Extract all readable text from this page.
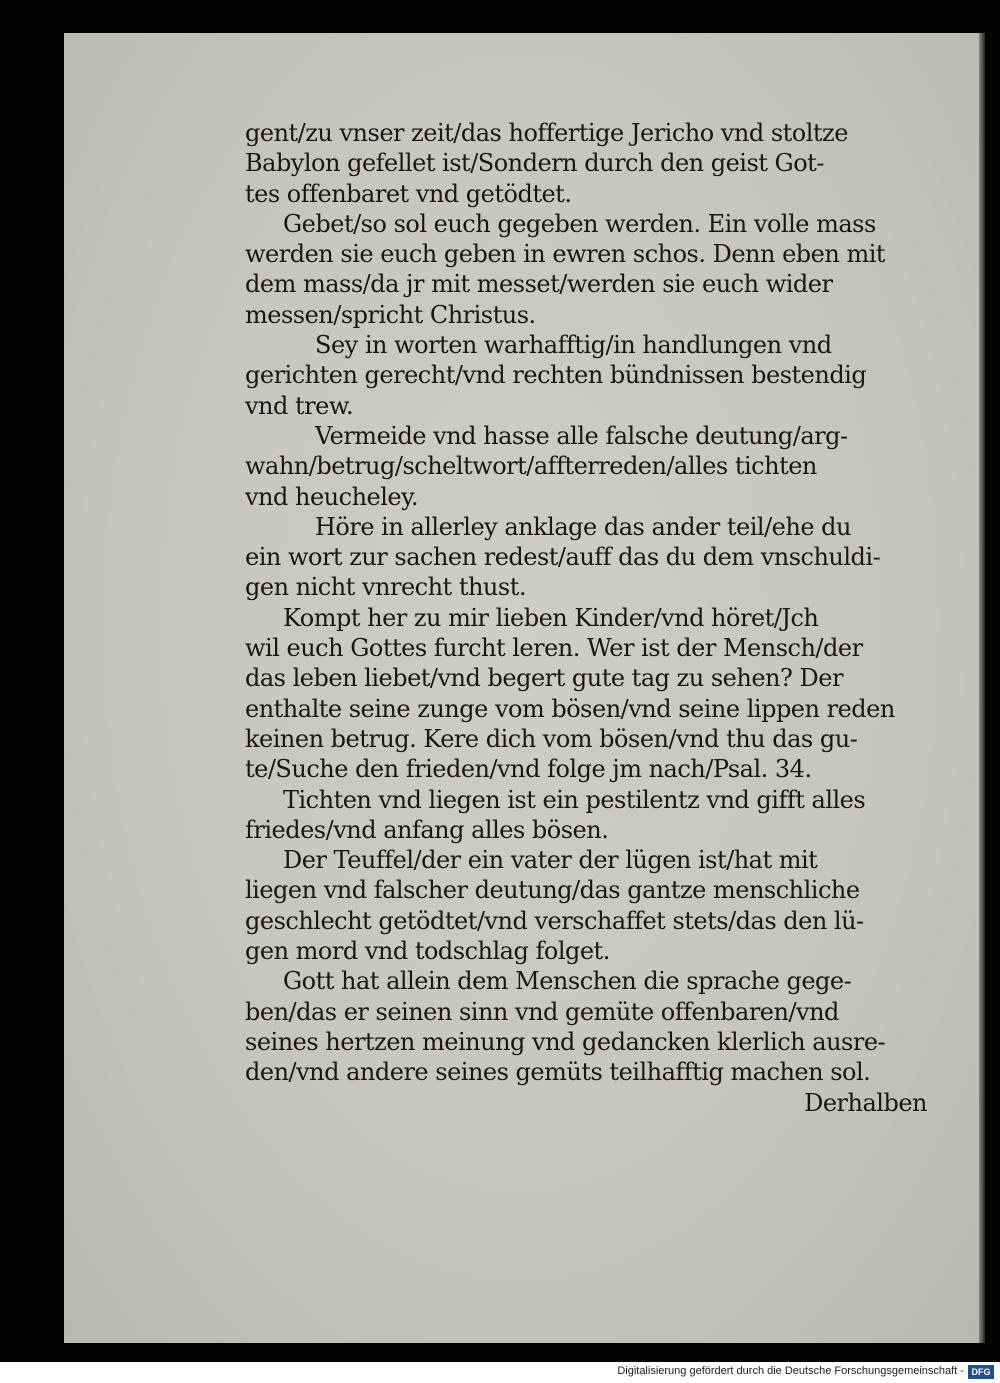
gent/zu vnser zeit/das hoffertige Jericho vnd stoltze
Babylon gefellet ist/Sondern durch den geist Got-
tes offenbaret vnd getödtet.
Gebet/so sol euch gegeben werden. Ein volle mass
werden sie euch geben in ewren schos. Denn eben mit
dem mass/da jr mit messet/werden sie euch wider
messen/spricht Christus.
Sey in worten warhafftig/in handlungen vnd
gerichten gerecht/vnd rechten bündnissen bestendig
vnd trew.
Vermeide vnd hasse alle falsche deutung/arg-
wahn/betrug/scheltwort/affterreden/alles tichten
vnd heucheley.
Höre in allerley anklage das ander teil/ehe du
ein wort zur sachen redest/auff das du dem vnschuldi-
gen nicht vnrecht thust.
Kompt her zu mir lieben Kinder/vnd höret/Jch
wil euch Gottes furcht leren. Wer ist der Mensch/der
das leben liebet/vnd begert gute tag zu sehen? Der
enthalte seine zunge vom bösen/vnd seine lippen reden
keinen betrug. Kere dich vom bösen/vnd thu das gu-
te/Suche den frieden/vnd folge jm nach/Psal. 34.
Tichten vnd liegen ist ein pestilentz vnd gifft alles
friedes/vnd anfang alles bösen.
Der Teuffel/der ein vater der lügen ist/hat mit
liegen vnd falscher deutung/das gantze menschliche
geschlecht getödtet/vnd verschaffet stets/das den lü-
gen mord vnd todschlag folget.
Gott hat allein dem Menschen die sprache gege-
ben/das er seinen sinn vnd gemüte offenbaren/vnd
seines hertzen meinung vnd gedancken klerlich ausre-
den/vnd andere seines gemüts teilhafftig machen sol.
Derhalben
Digitalisierung gefördert durch die Deutsche Forschungsgemeinschaft - DFG
